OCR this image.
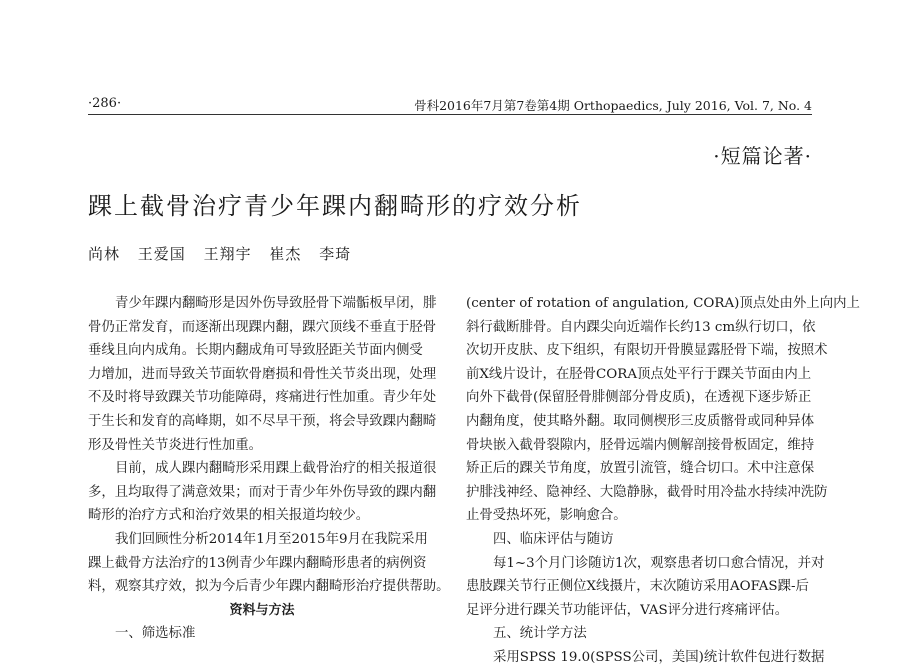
·286·	骨科2016年7月第7卷第4期 Orthopaedics, July 2016, Vol. 7, No. 4
·短篇论著·
踝上截骨治疗青少年踝内翻畸形的疗效分析
尚林 王爱国 王翔宇 崔杰 李琦
青少年踝内翻畸形是因外伤导致胫骨下端骺板早闭，腓
骨仍正常发育，而逐渐出现踝内翻，踝穴顶线不垂直于胫骨
垂线且向内成角。长期内翻成角可导致胫距关节面内侧受
力增加，进而导致关节面软骨磨损和骨性关节炎出现，处理
不及时将导致踝关节功能障碍，疼痛进行性加重。青少年处
于生长和发育的高峰期，如不尽早干预，将会导致踝内翻畸
形及骨性关节炎进行性加重。
目前，成人踝内翻畸形采用踝上截骨治疗的相关报道很
多，且均取得了满意效果；而对于青少年外伤导致的踝内翻
畸形的治疗方式和治疗效果的相关报道均较少。
我们回顾性分析2014年1月至2015年9月在我院采用
踝上截骨方法治疗的13例青少年踝内翻畸形患者的病例资
料，观察其疗效，拟为今后青少年踝内翻畸形治疗提供帮助。
资料与方法
一、筛选标准
(center of rotation of angulation, CORA)顶点处由外上向内上
斜行截断腓骨。自内踝尖向近端作长约13 cm纵行切口，依
次切开皮肤、皮下组织，有限切开骨膜显露胫骨下端，按照术
前X线片设计，在胫骨CORA顶点处平行于踝关节面由内上
向外下截骨(保留胫骨腓侧部分骨皮质)，在透视下逐步矫正
内翻角度，使其略外翻。取同侧楔形三皮质髂骨或同种异体
骨块嵌入截骨裂隙内，胫骨远端内侧解剖接骨板固定，维持
矫正后的踝关节角度，放置引流管，缝合切口。术中注意保
护腓浅神经、隐神经、大隐静脉，截骨时用冷盐水持续冲洗防
止骨受热坏死，影响愈合。
四、临床评估与随访
每1~3个月门诊随访1次，观察患者切口愈合情况，并对
患肢踝关节行正侧位X线摄片，末次随访采用AOFAS踝-后
足评分进行踝关节功能评估，VAS评分进行疼痛评估。
五、统计学方法
采用SPSS 19.0(SPSS公司，美国)统计软件包进行数据
